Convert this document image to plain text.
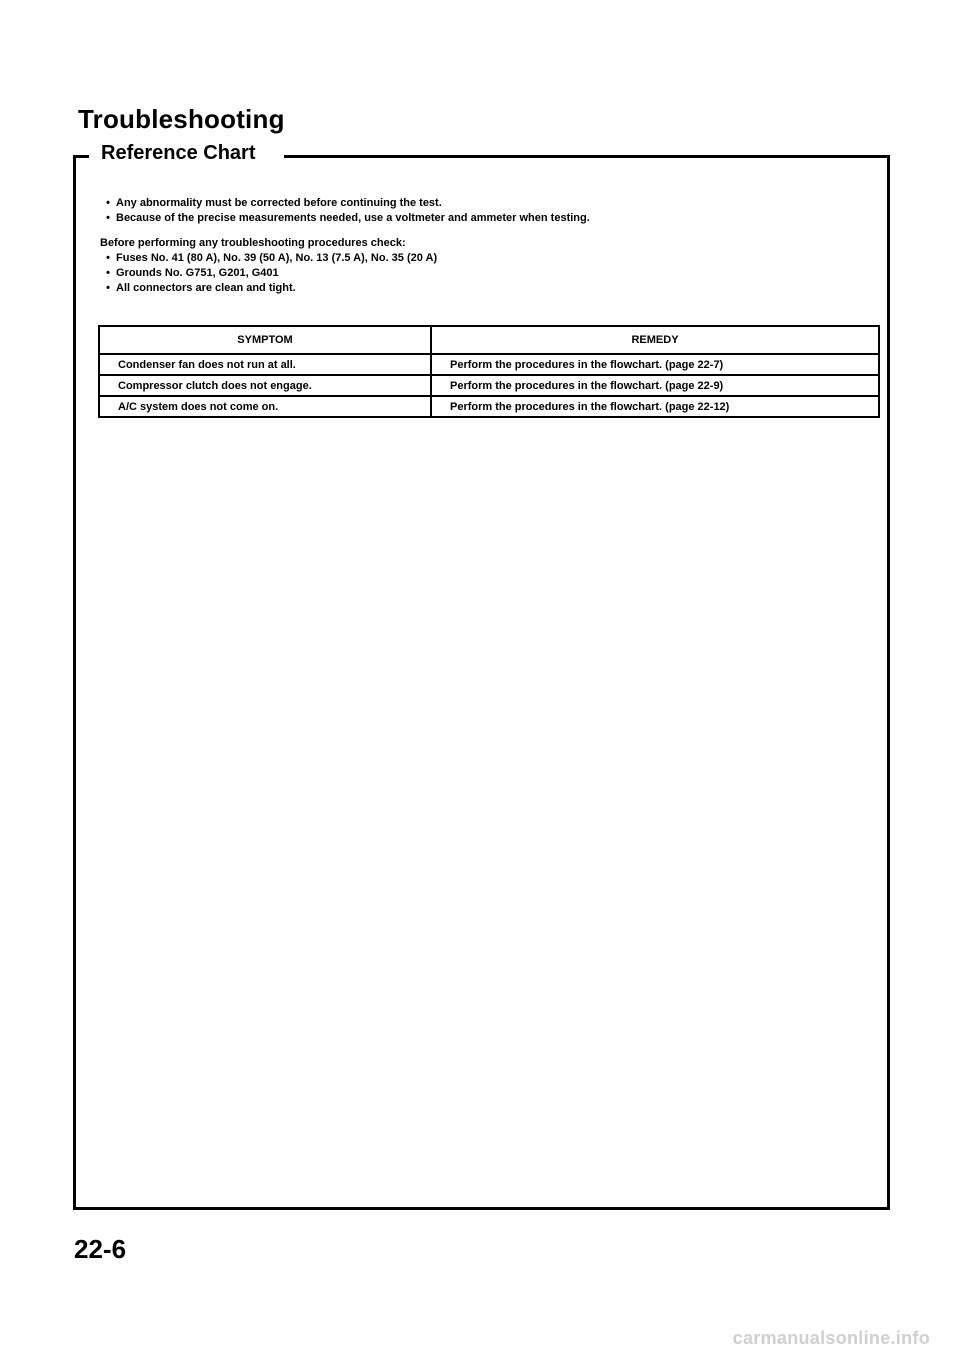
Troubleshooting
Reference Chart
• Any abnormality must be corrected before continuing the test.
• Because of the precise measurements needed, use a voltmeter and ammeter when testing.
Before performing any troubleshooting procedures check:
• Fuses No. 41 (80 A), No. 39 (50 A), No. 13 (7.5 A), No. 35 (20 A)
• Grounds No. G751, G201, G401
• All connectors are clean and tight.
SYMPTOM	REMEDY
Condenser fan does not run at all.	Perform the procedures in the flowchart. (page 22-7)
Compressor clutch does not engage.	Perform the procedures in the flowchart. (page 22-9)
A/C system does not come on.	Perform the procedures in the flowchart. (page 22-12)
22-6
carmanualsonline.info
